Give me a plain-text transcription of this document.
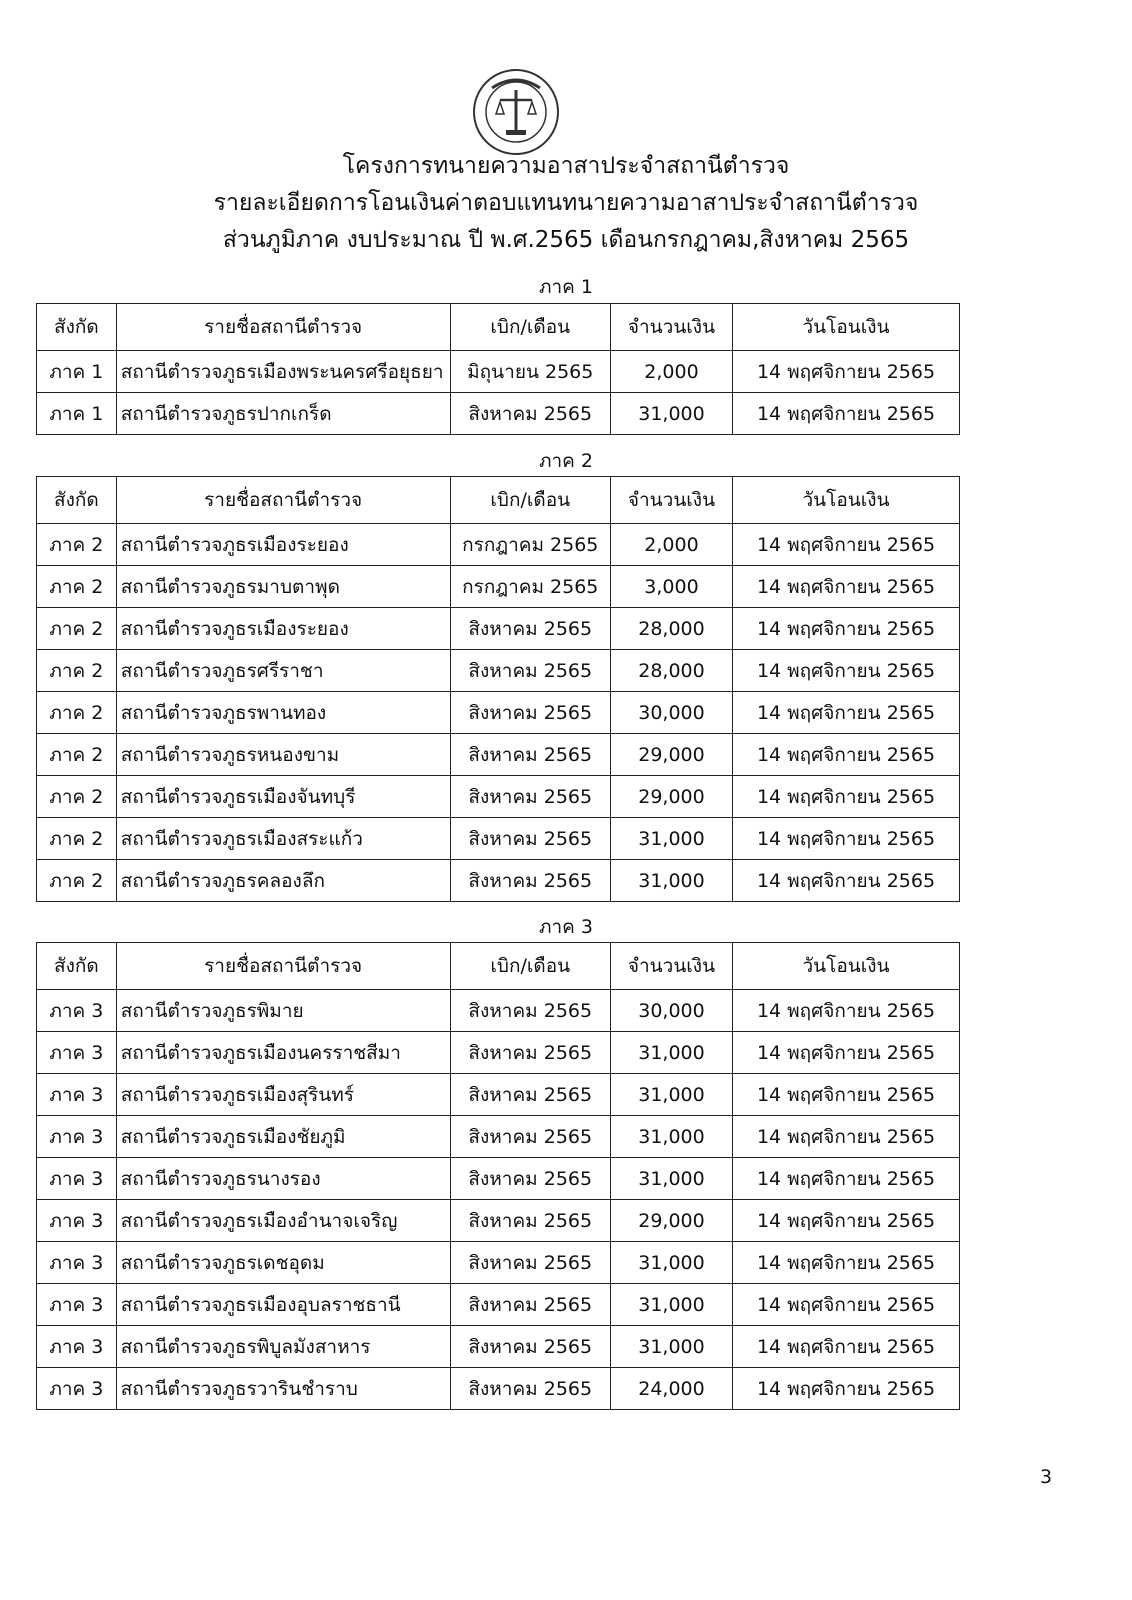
โครงการทนายความอาสาประจำสถานีตำรวจ
รายละเอียดการโอนเงินค่าตอบแทนทนายความอาสาประจำสถานีตำรวจ
ส่วนภูมิภาค งบประมาณ ปี พ.ศ.2565 เดือนกรกฎาคม,สิงหาคม 2565
ภาค 1
สังกัด	รายชื่อสถานีตำรวจ	เบิก/เดือน	จำนวนเงิน	วันโอนเงิน
ภาค 1	สถานีตำรวจภูธรเมืองพระนครศรีอยุธยา	มิถุนายน 2565	2,000	14 พฤศจิกายน 2565
ภาค 1	สถานีตำรวจภูธรปากเกร็ด	สิงหาคม 2565	31,000	14 พฤศจิกายน 2565
ภาค 2
สังกัด	รายชื่อสถานีตำรวจ	เบิก/เดือน	จำนวนเงิน	วันโอนเงิน
ภาค 2	สถานีตำรวจภูธรเมืองระยอง	กรกฎาคม 2565	2,000	14 พฤศจิกายน 2565
ภาค 2	สถานีตำรวจภูธรมาบตาพุด	กรกฎาคม 2565	3,000	14 พฤศจิกายน 2565
ภาค 2	สถานีตำรวจภูธรเมืองระยอง	สิงหาคม 2565	28,000	14 พฤศจิกายน 2565
ภาค 2	สถานีตำรวจภูธรศรีราชา	สิงหาคม 2565	28,000	14 พฤศจิกายน 2565
ภาค 2	สถานีตำรวจภูธรพานทอง	สิงหาคม 2565	30,000	14 พฤศจิกายน 2565
ภาค 2	สถานีตำรวจภูธรหนองขาม	สิงหาคม 2565	29,000	14 พฤศจิกายน 2565
ภาค 2	สถานีตำรวจภูธรเมืองจันทบุรี	สิงหาคม 2565	29,000	14 พฤศจิกายน 2565
ภาค 2	สถานีตำรวจภูธรเมืองสระแก้ว	สิงหาคม 2565	31,000	14 พฤศจิกายน 2565
ภาค 2	สถานีตำรวจภูธรคลองลึก	สิงหาคม 2565	31,000	14 พฤศจิกายน 2565
ภาค 3
สังกัด	รายชื่อสถานีตำรวจ	เบิก/เดือน	จำนวนเงิน	วันโอนเงิน
ภาค 3	สถานีตำรวจภูธรพิมาย	สิงหาคม 2565	30,000	14 พฤศจิกายน 2565
ภาค 3	สถานีตำรวจภูธรเมืองนครราชสีมา	สิงหาคม 2565	31,000	14 พฤศจิกายน 2565
ภาค 3	สถานีตำรวจภูธรเมืองสุรินทร์	สิงหาคม 2565	31,000	14 พฤศจิกายน 2565
ภาค 3	สถานีตำรวจภูธรเมืองชัยภูมิ	สิงหาคม 2565	31,000	14 พฤศจิกายน 2565
ภาค 3	สถานีตำรวจภูธรนางรอง	สิงหาคม 2565	31,000	14 พฤศจิกายน 2565
ภาค 3	สถานีตำรวจภูธรเมืองอำนาจเจริญ	สิงหาคม 2565	29,000	14 พฤศจิกายน 2565
ภาค 3	สถานีตำรวจภูธรเดชอุดม	สิงหาคม 2565	31,000	14 พฤศจิกายน 2565
ภาค 3	สถานีตำรวจภูธรเมืองอุบลราชธานี	สิงหาคม 2565	31,000	14 พฤศจิกายน 2565
ภาค 3	สถานีตำรวจภูธรพิบูลมังสาหาร	สิงหาคม 2565	31,000	14 พฤศจิกายน 2565
ภาค 3	สถานีตำรวจภูธรวารินชำราบ	สิงหาคม 2565	24,000	14 พฤศจิกายน 2565
3
